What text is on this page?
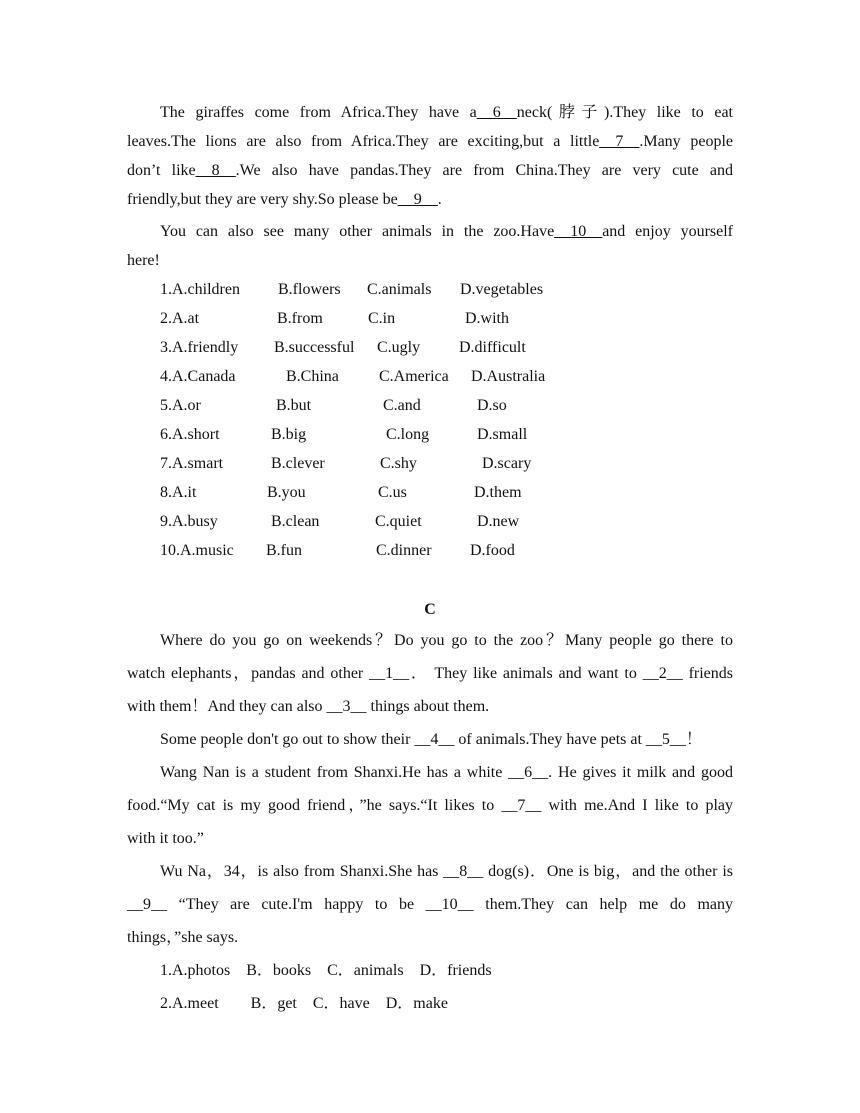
The giraffes come from Africa.They have a__6__neck(脖子).They like to eat
leaves.The lions are also from Africa.They are exciting,but a little__7__.Many people
don’t like__8__.We also have pandas.They are from China.They are very cute and
friendly,but they are very shy.So please be__9__.
You can also see many other animals in the zoo.Have__10__and enjoy yourself
here!
1.A.children B.flowers C.animals D.vegetables
2.A.at	B.from	C.in	D.with
3.A.friendly B.successful C.ugly D.difficult
4.A.Canada	B.China	C.America D.Australia
5.A.or	B.but	C.and	D.so
6.A.short	B.big	C.long	D.small
7.A.smart	B.clever	C.shy	D.scary
8.A.it	B.you	C.us	D.them
9.A.busy	B.clean	C.quiet	D.new
10.A.music B.fun	C.dinner D.food
C
Where do you go on weekends？Do you go to the zoo？Many people go there to
watch elephants，pandas and other __1__． They like animals and want to __2__ friends
with them！And they can also __3__ things about them.
Some people don't go out to show their __4__ of animals.They have pets at __5__！
Wang Nan is a student from Shanxi.He has a white __6__. He gives it milk and good
food.“My cat is my good friend，”he says.“It likes to __7__ with me.And I like to play
with it too.”
Wu Na，34，is also from Shanxi.She has __8__ dog(s)．One is big，and the other is
__9__ “They are cute.I'm happy to be __10__ them.They can help me do many
things，”she says.
1.A.photos　B．books　C．animals　D．friends
2.A.meet　　B．get　C．have　D．make
